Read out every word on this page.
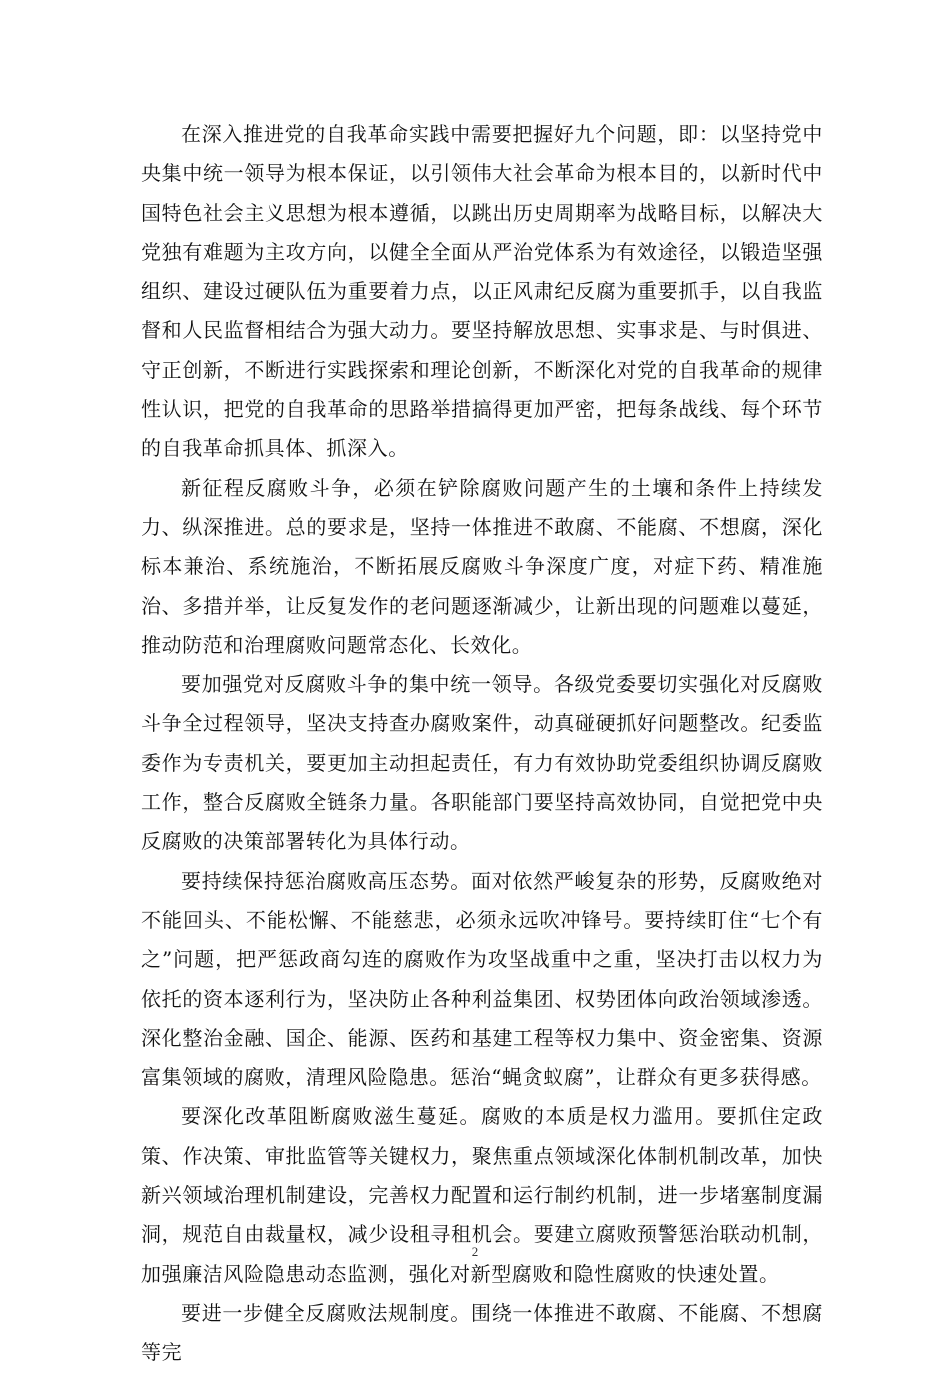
在深入推进党的自我革命实践中需要把握好九个问题，即：以坚持党中央集中统一领导为根本保证，以引领伟大社会革命为根本目的，以新时代中国特色社会主义思想为根本遵循，以跳出历史周期率为战略目标，以解决大党独有难题为主攻方向，以健全全面从严治党体系为有效途径，以锻造坚强组织、建设过硬队伍为重要着力点，以正风肃纪反腐为重要抓手，以自我监督和人民监督相结合为强大动力。要坚持解放思想、实事求是、与时俱进、守正创新，不断进行实践探索和理论创新，不断深化对党的自我革命的规律性认识，把党的自我革命的思路举措搞得更加严密，把每条战线、每个环节的自我革命抓具体、抓深入。

新征程反腐败斗争，必须在铲除腐败问题产生的土壤和条件上持续发力、纵深推进。总的要求是，坚持一体推进不敢腐、不能腐、不想腐，深化标本兼治、系统施治，不断拓展反腐败斗争深度广度，对症下药、精准施治、多措并举，让反复发作的老问题逐渐减少，让新出现的问题难以蔓延，推动防范和治理腐败问题常态化、长效化。

要加强党对反腐败斗争的集中统一领导。各级党委要切实强化对反腐败斗争全过程领导，坚决支持查办腐败案件，动真碰硬抓好问题整改。纪委监委作为专责机关，要更加主动担起责任，有力有效协助党委组织协调反腐败工作，整合反腐败全链条力量。各职能部门要坚持高效协同，自觉把党中央反腐败的决策部署转化为具体行动。

要持续保持惩治腐败高压态势。面对依然严峻复杂的形势，反腐败绝对不能回头、不能松懈、不能慈悲，必须永远吹冲锋号。要持续盯住“七个有之”问题，把严惩政商勾连的腐败作为攻坚战重中之重，坚决打击以权力为依托的资本逐利行为，坚决防止各种利益集团、权势团体向政治领域渗透。深化整治金融、国企、能源、医药和基建工程等权力集中、资金密集、资源富集领域的腐败，清理风险隐患。惩治“蝇贪蚁腐”，让群众有更多获得感。

要深化改革阻断腐败滋生蔓延。腐败的本质是权力滥用。要抓住定政策、作决策、审批监管等关键权力，聚焦重点领域深化体制机制改革，加快新兴领域治理机制建设，完善权力配置和运行制约机制，进一步堵塞制度漏洞，规范自由裁量权，减少设租寻租机会。要建立腐败预警惩治联动机制，加强廉洁风险隐患动态监测，强化对新型腐败和隐性腐败的快速处置。

要进一步健全反腐败法规制度。围绕一体推进不敢腐、不能腐、不想腐等完

2
